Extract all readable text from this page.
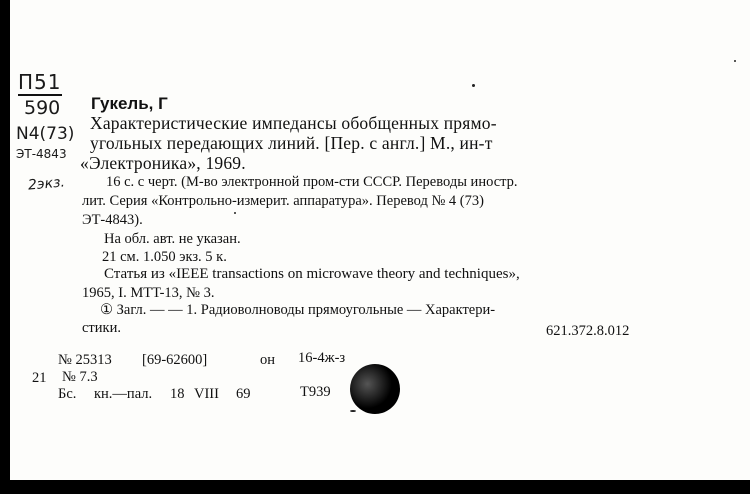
П51
590
N4(73)
ЭТ-4843
2экз.
Гукель, Г
Характеристические импедансы обобщенных прямо-
угольных передающих линий. [Пер. с англ.] М., ин-т
«Электроника», 1969.
16 с. с черт. (М-во электронной пром-сти СССР. Переводы иностр.
лит. Серия «Контрольно-измерит. аппаратура». Перевод № 4 (73)
ЭТ-4843).
На обл. авт. не указан.
21 см. 1.050 экз. 5 к.
Статья из «IEEE transactions on microwave theory and techniques»,
1965, I. MTT-13, № 3.
① Загл. — — 1. Радиоволноводы прямоугольные — Характери-
стики.	621.372.8.012
№ 25313 [69-62600]	он 16-4ж-з
21 № 7.3
Бс. кн.—пал. 18 VIII 69	Т939
